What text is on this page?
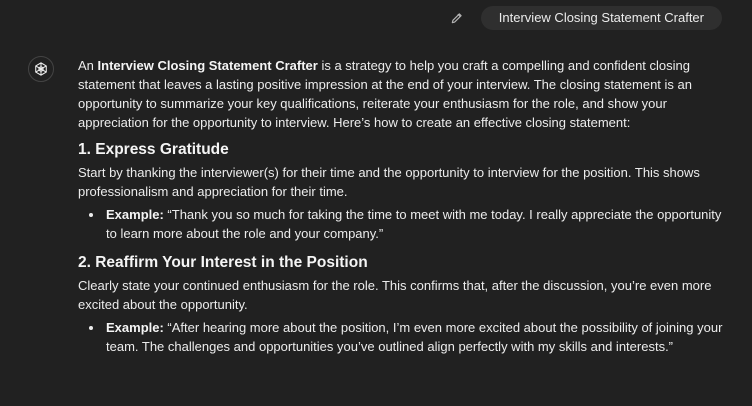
Interview Closing Statement Crafter

An Interview Closing Statement Crafter is a strategy to help you craft a compelling and confident closing statement that leaves a lasting positive impression at the end of your interview. The closing statement is an opportunity to summarize your key qualifications, reiterate your enthusiasm for the role, and show your appreciation for the opportunity to interview. Here’s how to create an effective closing statement:

1. Express Gratitude

Start by thanking the interviewer(s) for their time and the opportunity to interview for the position. This shows professionalism and appreciation for their time.

Example: “Thank you so much for taking the time to meet with me today. I really appreciate the opportunity to learn more about the role and your company.”
2. Reaffirm Your Interest in the Position

Clearly state your continued enthusiasm for the role. This confirms that, after the discussion, you’re even more excited about the opportunity.

Example: “After hearing more about the position, I’m even more excited about the possibility of joining your team. The challenges and opportunities you’ve outlined align perfectly with my skills and interests.”
